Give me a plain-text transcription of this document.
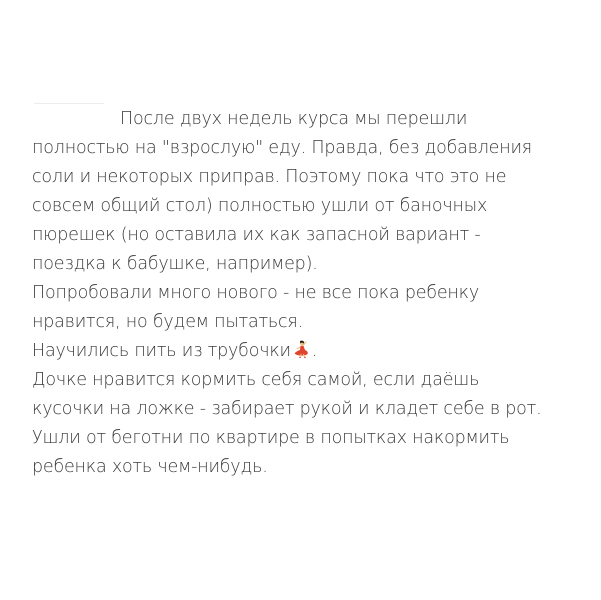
После двух недель курса мы перешли
полностью на "взрослую" еду. Правда, без добавления
соли и некоторых приправ. Поэтому пока что это не
совсем общий стол) полностью ушли от баночных
пюрешек (но оставила их как запасной вариант -
поездка к бабушке, например).
Попробовали много нового - не все пока ребенку
нравится, но будем пытаться.
Научились пить из трубочки .
Дочке нравится кормить себя самой, если даёшь
кусочки на ложке - забирает рукой и кладет себе в рот.
Ушли от беготни по квартире в попытках накормить
ребенка хоть чем-нибудь.
